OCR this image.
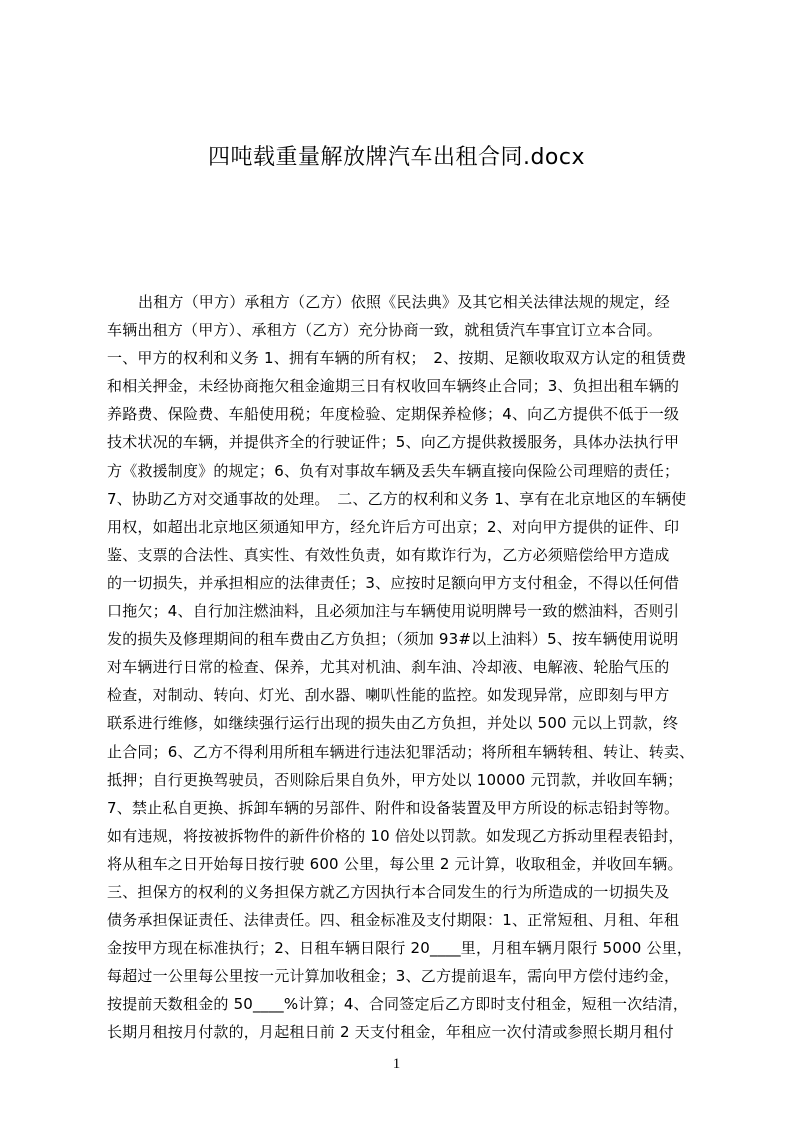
四吨载重量解放牌汽车出租合同.docx
出租方（甲方）承租方（乙方）依照《民法典》及其它相关法律法规的规定，经
车辆出租方（甲方）、承租方（乙方）充分协商一致，就租赁汽车事宜订立本合同。
一、甲方的权利和义务 1、拥有车辆的所有权；　2、按期、足额收取双方认定的租赁费
和相关押金，未经协商拖欠租金逾期三日有权收回车辆终止合同；3、负担出租车辆的
养路费、保险费、车船使用税；年度检验、定期保养检修；4、向乙方提供不低于一级
技术状况的车辆，并提供齐全的行驶证件；5、向乙方提供救援服务，具体办法执行甲
方《救援制度》的规定；6、负有对事故车辆及丢失车辆直接向保险公司理赔的责任；
7、协助乙方对交通事故的处理。　二、乙方的权利和义务 1、享有在北京地区的车辆使
用权，如超出北京地区须通知甲方，经允许后方可出京；2、对向甲方提供的证件、印
鉴、支票的合法性、真实性、有效性负责，如有欺诈行为，乙方必须赔偿给甲方造成
的一切损失，并承担相应的法律责任；3、应按时足额向甲方支付租金，不得以任何借
口拖欠；4、自行加注燃油料，且必须加注与车辆使用说明牌号一致的燃油料，否则引
发的损失及修理期间的租车费由乙方负担；（须加 93#以上油料）5、按车辆使用说明
对车辆进行日常的检查、保养，尤其对机油、刹车油、冷却液、电解液、轮胎气压的
检查，对制动、转向、灯光、刮水器、喇叭性能的监控。如发现异常，应即刻与甲方
联系进行维修，如继续强行运行出现的损失由乙方负担，并处以 500 元以上罚款，终
止合同；6、乙方不得利用所租车辆进行违法犯罪活动；将所租车辆转租、转让、转卖、
抵押；自行更换驾驶员，否则除后果自负外，甲方处以 10000 元罚款，并收回车辆；
7、禁止私自更换、拆卸车辆的另部件、附件和设备装置及甲方所设的标志铅封等物。
如有违规，将按被拆物件的新件价格的 10 倍处以罚款。如发现乙方拆动里程表铅封，
将从租车之日开始每日按行驶 600 公里，每公里 2 元计算，收取租金，并收回车辆。
三、担保方的权利的义务担保方就乙方因执行本合同发生的行为所造成的一切损失及
债务承担保证责任、法律责任。四、租金标准及支付期限：1、正常短租、月租、年租
金按甲方现在标准执行；2、日租车辆日限行 20____里，月租车辆月限行 5000 公里，
每超过一公里每公里按一元计算加收租金；3、乙方提前退车，需向甲方偿付违约金，
按提前天数租金的 50____%计算；4、合同签定后乙方即时支付租金，短租一次结清，
长期月租按月付款的，月起租日前 2 天支付租金，年租应一次付清或参照长期月租付
1
